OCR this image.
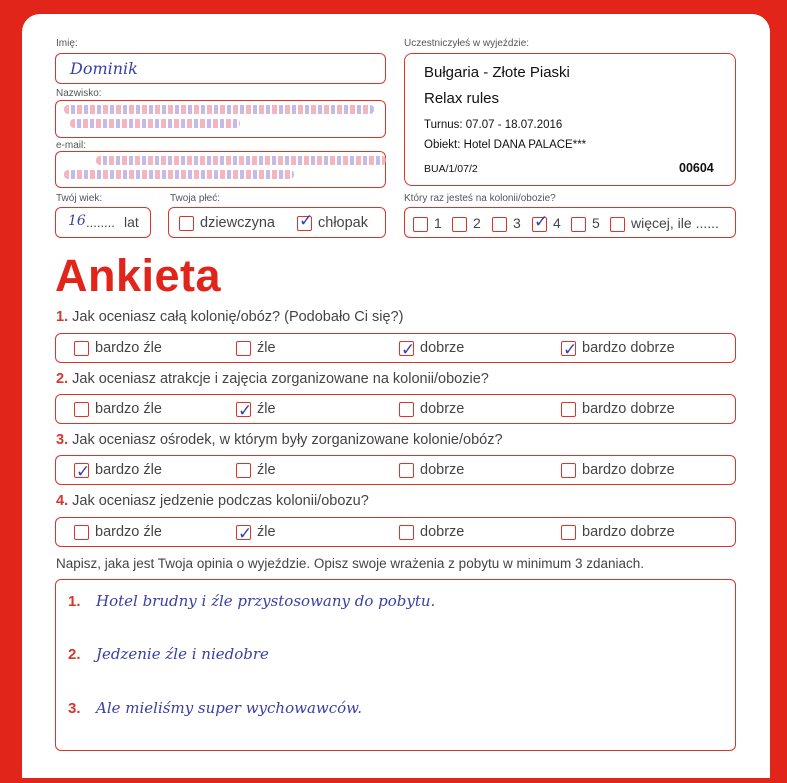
Imię:
Dominik
Nazwisko:
e-mail:
Twój wiek:
16 ........ lat
Twoja płeć:
dziewczyna ✓	chłopak
Uczestniczyłeś w wyjeździe:
Bułgaria - Złote Piaski
Relax rules
Turnus: 07.07 - 18.07.2016
Obiekt: Hotel DANA PALACE***
BUA/1/07/2	00604
Który raz jesteś na kolonii/obozie?
1	2	3 ✓	4	5	więcej, ile ......
Ankieta
1. Jak oceniasz całą kolonię/obóz? (Podobało Ci się?)
bardzo źle	źle ✓	dobrze ✓	bardzo dobrze
2. Jak oceniasz atrakcje i zajęcia zorganizowane na kolonii/obozie?
bardzo źle ✓	źle	dobrze	bardzo dobrze
3. Jak oceniasz ośrodek, w którym były zorganizowane kolonie/obóz?
✓bardzo źle	źle	dobrze	bardzo dobrze
4. Jak oceniasz jedzenie podczas kolonii/obozu?
bardzo źle ✓	źle	dobrze	bardzo dobrze
Napisz, jaka jest Twoja opinia o wyjeździe. Opisz swoje wrażenia z pobytu w minimum 3 zdaniach.
1. Hotel brudny i źle przystosowany do pobytu.
2. Jedzenie źle i niedobre
3. Ale mieliśmy super wychowawców.
